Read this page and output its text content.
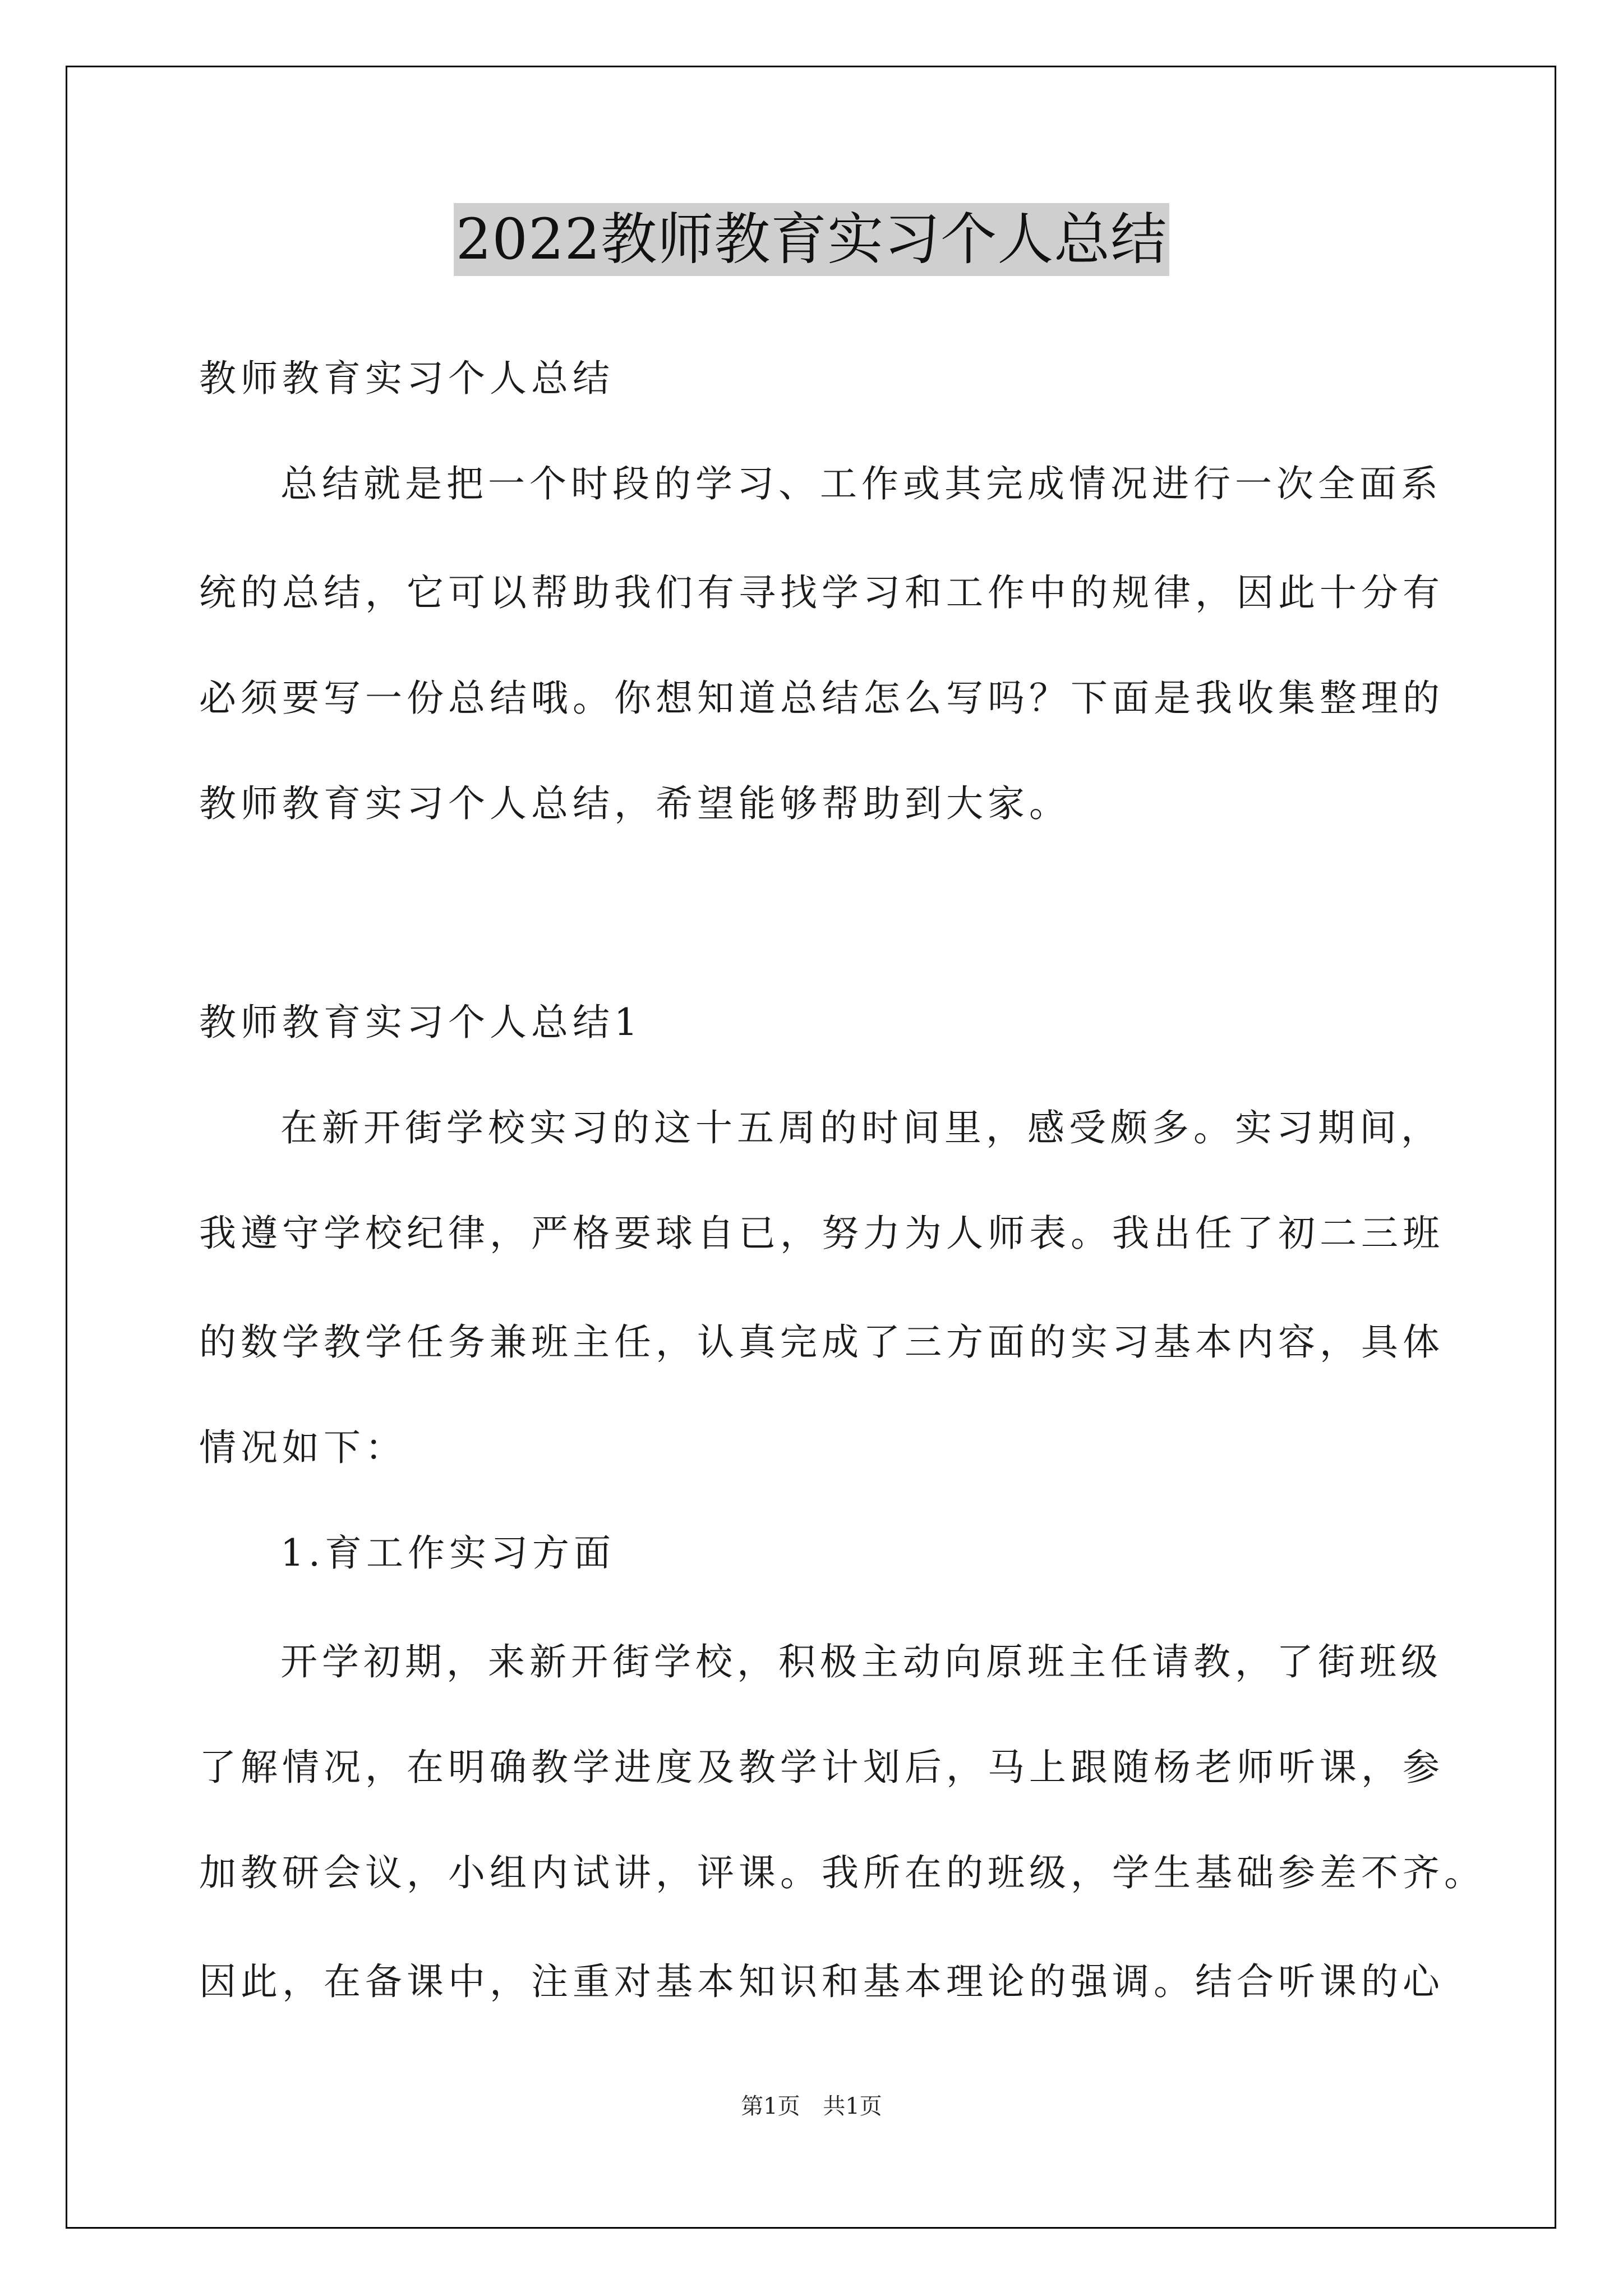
2022教师教育实习个人总结
教师教育实习个人总结
总结就是把一个时段的学习、工作或其完成情况进行一次全面系
统的总结，它可以帮助我们有寻找学习和工作中的规律，因此十分有
必须要写一份总结哦。你想知道总结怎么写吗？下面是我收集整理的
教师教育实习个人总结，希望能够帮助到大家。
教师教育实习个人总结1
在新开街学校实习的这十五周的时间里，感受颇多。实习期间，
我遵守学校纪律，严格要球自已，努力为人师表。我出任了初二三班
的数学教学任务兼班主任，认真完成了三方面的实习基本内容，具体
情况如下：
1.育工作实习方面
开学初期，来新开街学校，积极主动向原班主任请教，了街班级
了解情况，在明确教学进度及教学计划后，马上跟随杨老师听课，参
加教研会议，小组内试讲，评课。我所在的班级，学生基础参差不齐。
因此，在备课中，注重对基本知识和基本理论的强调。结合听课的心
第1页 共1页
